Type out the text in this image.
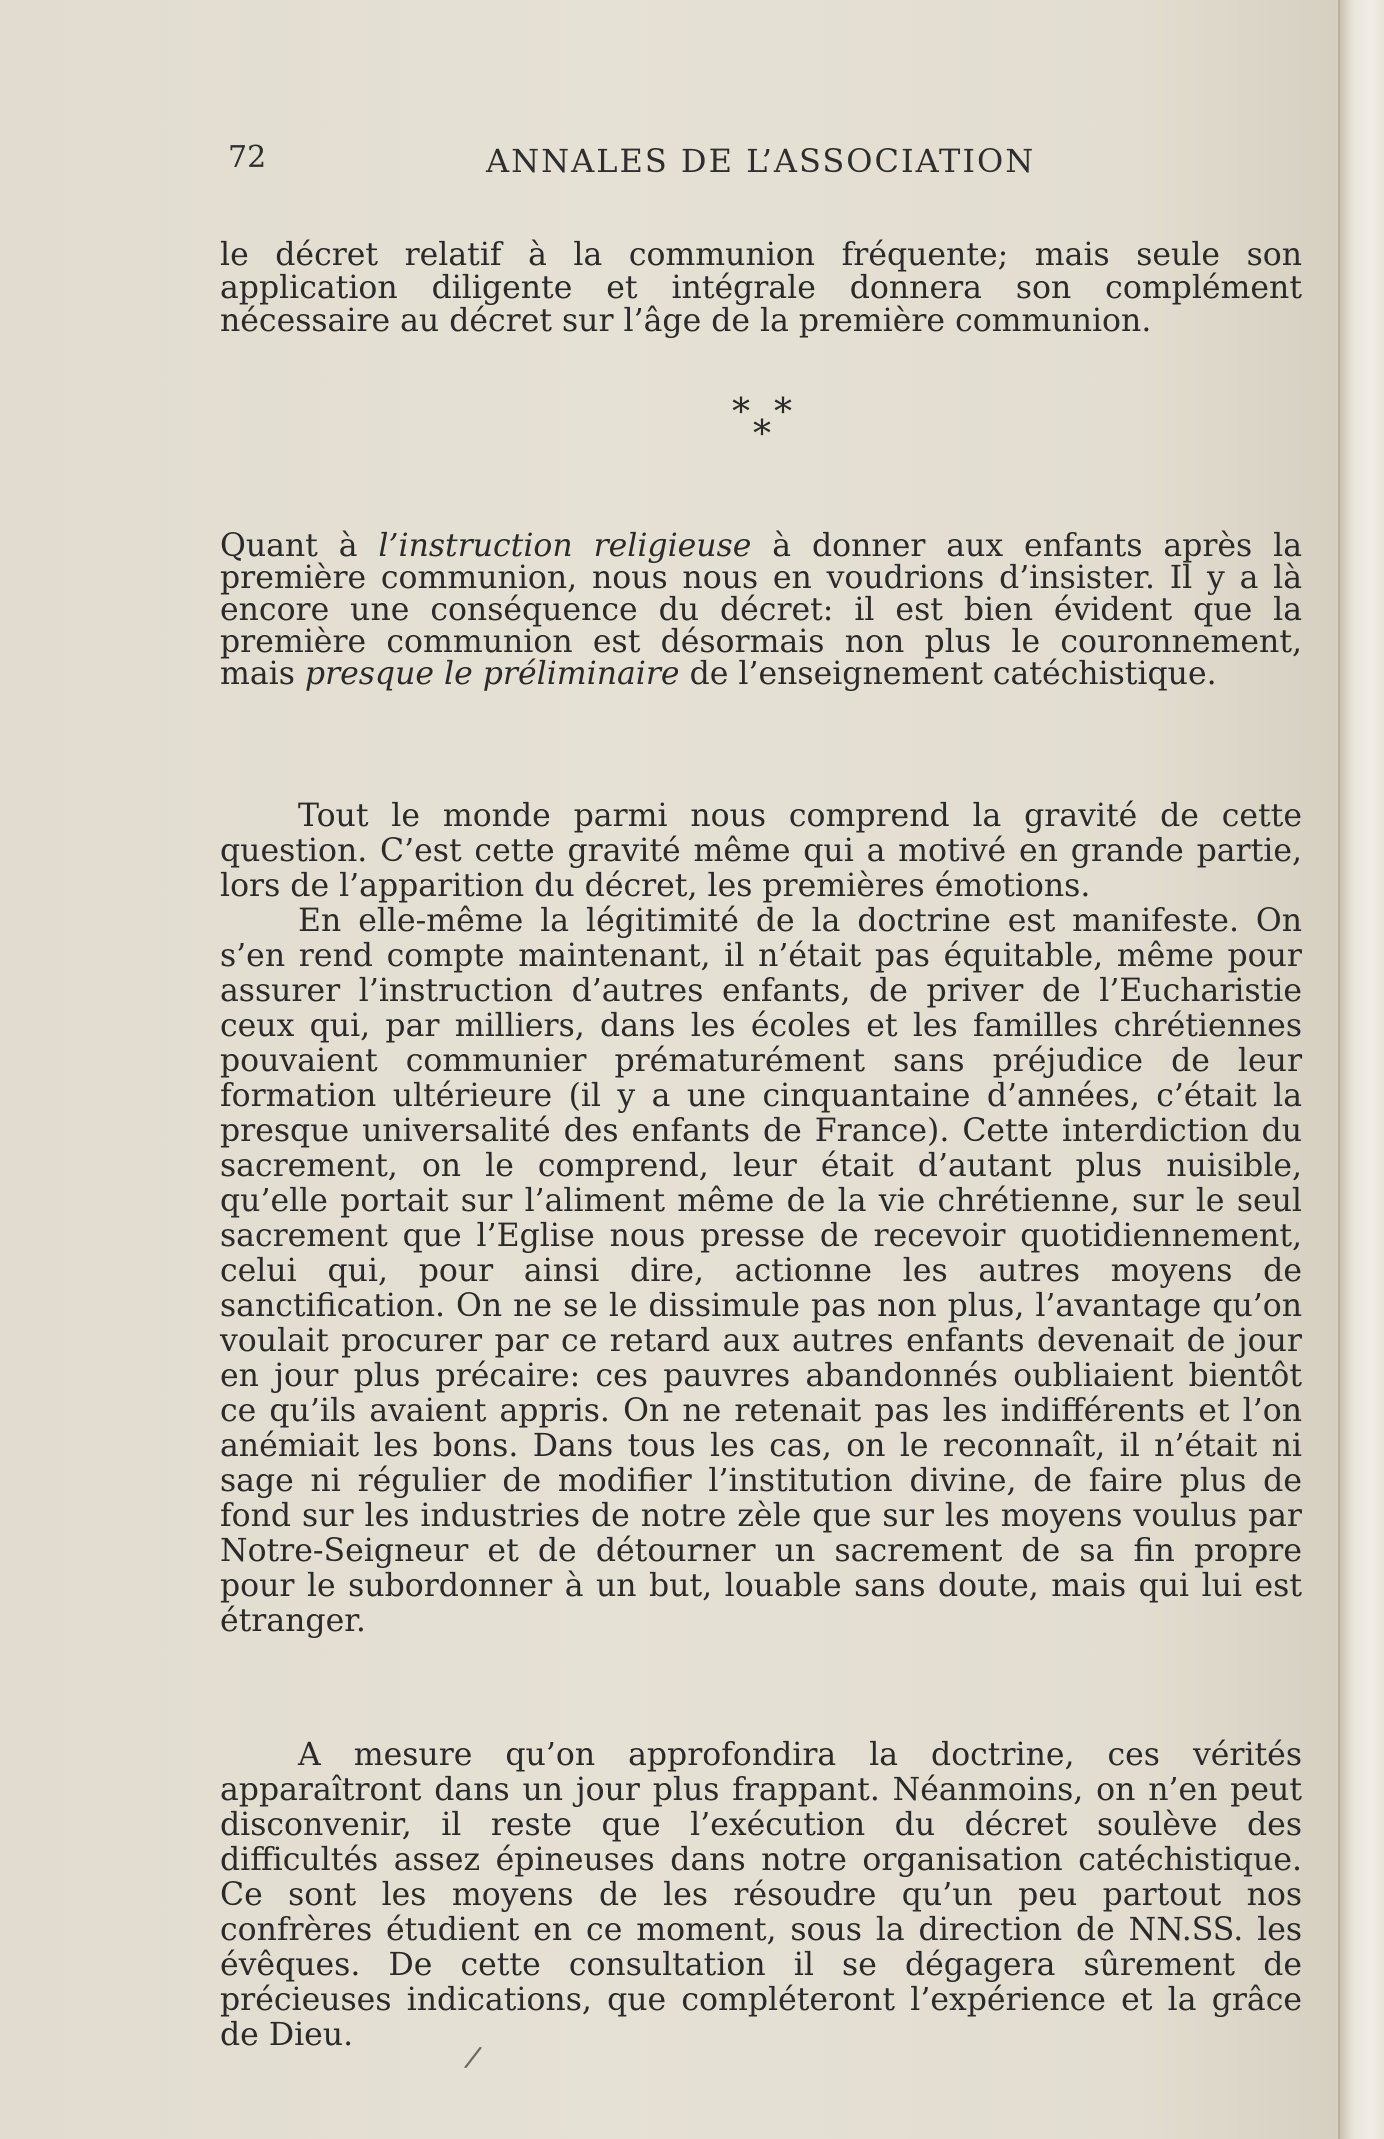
72	ANNALES DE L’ASSOCIATION

le décret relatif à la communion fréquente; mais seule son application diligente et intégrale donnera son complément nécessaire au décret sur l’âge de la première communion.

* *
*

Quant à l’instruction religieuse à donner aux enfants après la première communion, nous nous en voudrions d’insister. Il y a là encore une conséquence du décret: il est bien évident que la première communion est désormais non plus le couronnement, mais presque le préliminaire de l’enseignement catéchistique.

Tout le monde parmi nous comprend la gravité de cette question. C’est cette gravité même qui a motivé en grande partie, lors de l’apparition du décret, les premières émotions.

En elle-même la légitimité de la doctrine est manifeste. On s’en rend compte maintenant, il n’était pas équitable, même pour assurer l’instruction d’autres enfants, de priver de l’Eucharistie ceux qui, par milliers, dans les écoles et les familles chrétiennes pouvaient communier prématurément sans préjudice de leur formation ultérieure (il y a une cinquantaine d’années, c’était la presque universalité des enfants de France). Cette interdiction du sacrement, on le comprend, leur était d’autant plus nuisible, qu’elle portait sur l’aliment même de la vie chrétienne, sur le seul sacrement que l’Eglise nous presse de recevoir quotidiennement, celui qui, pour ainsi dire, actionne les autres moyens de sanctification. On ne se le dissimule pas non plus, l’avantage qu’on voulait procurer par ce retard aux autres enfants devenait de jour en jour plus précaire: ces pauvres abandonnés oubliaient bientôt ce qu’ils avaient appris. On ne retenait pas les indifférents et l’on anémiait les bons. Dans tous les cas, on le reconnaît, il n’était ni sage ni régulier de modifier l’institution divine, de faire plus de fond sur les industries de notre zèle que sur les moyens voulus par Notre-Seigneur et de détourner un sacrement de sa fin propre pour le subordonner à un but, louable sans doute, mais qui lui est étranger.

A mesure qu’on approfondira la doctrine, ces vérités apparaîtront dans un jour plus frappant. Néanmoins, on n’en peut disconvenir, il reste que l’exécution du décret soulève des difficultés assez épineuses dans notre organisation catéchistique. Ce sont les moyens de les résoudre qu’un peu partout nos confrères étudient en ce moment, sous la direction de NN.SS. les évêques. De cette consultation il se dégagera sûrement de précieuses indications, que compléteront l’expérience et la grâce de Dieu.

/
